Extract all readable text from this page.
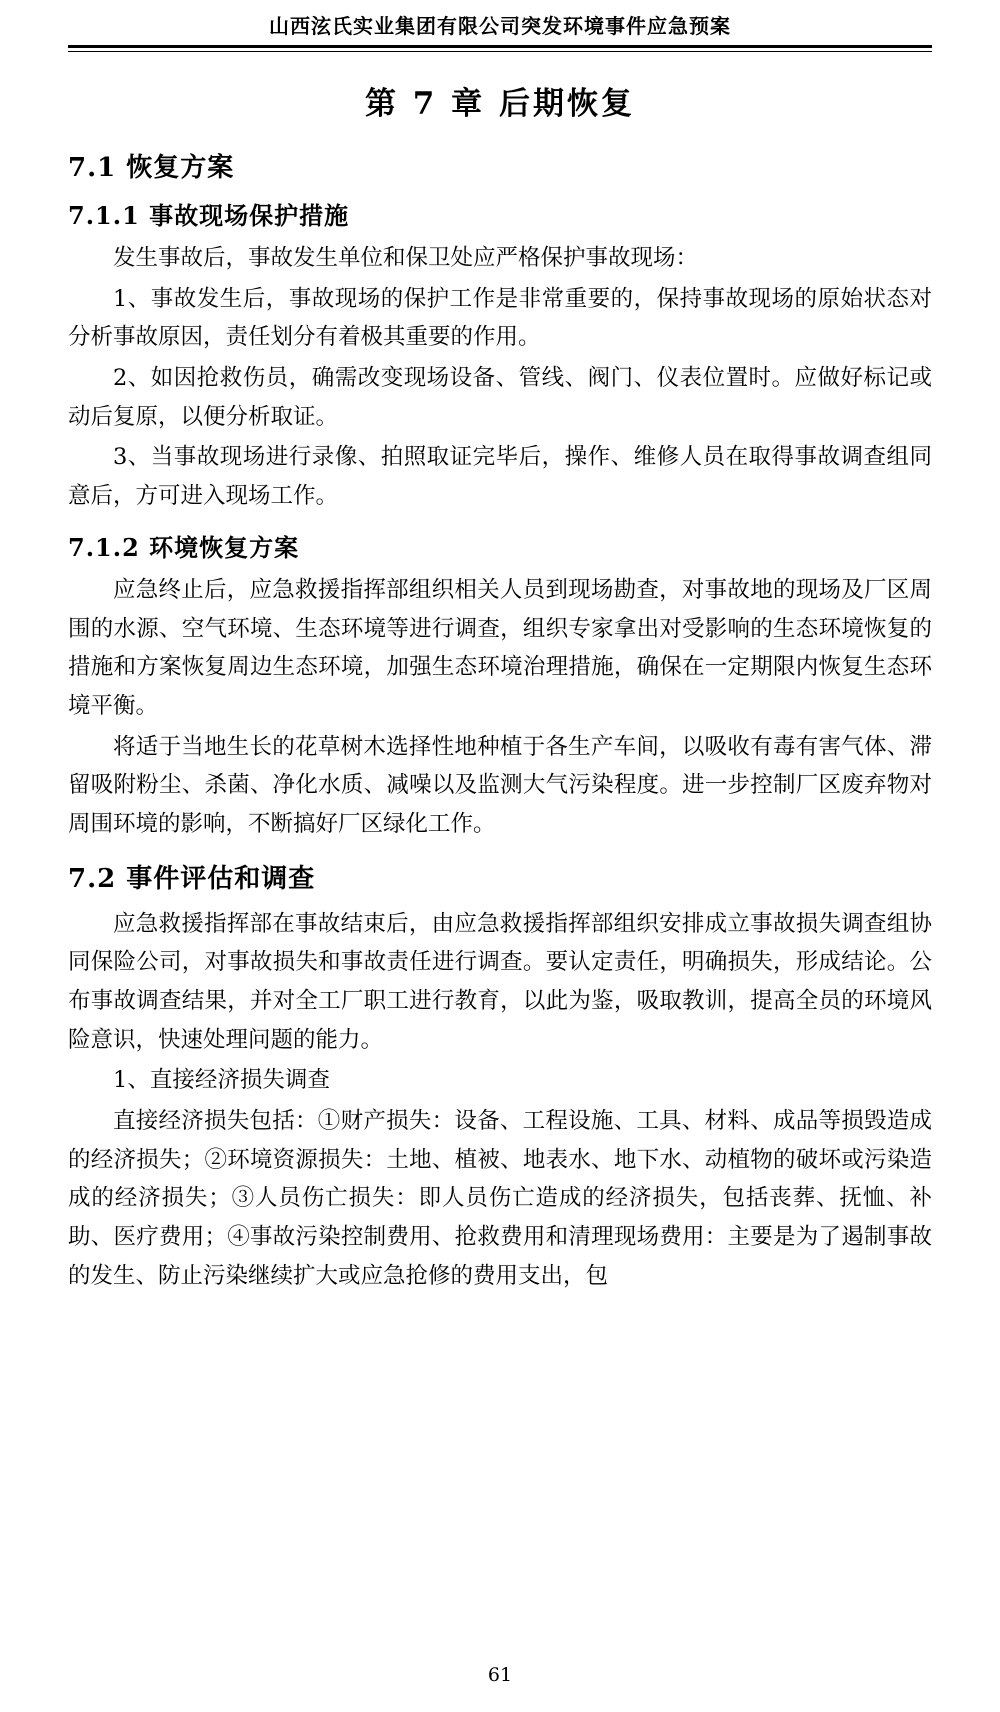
山西泫氏实业集团有限公司突发环境事件应急预案
第 7 章 后期恢复
7.1 恢复方案
7.1.1 事故现场保护措施

发生事故后，事故发生单位和保卫处应严格保护事故现场：

1、事故发生后，事故现场的保护工作是非常重要的，保持事故现场的原始状态对分析事故原因，责任划分有着极其重要的作用。

2、如因抢救伤员，确需改变现场设备、管线、阀门、仪表位置时。应做好标记或动后复原，以便分析取证。

3、当事故现场进行录像、拍照取证完毕后，操作、维修人员在取得事故调查组同意后，方可进入现场工作。

7.1.2 环境恢复方案

应急终止后，应急救援指挥部组织相关人员到现场勘查，对事故地的现场及厂区周围的水源、空气环境、生态环境等进行调查，组织专家拿出对受影响的生态环境恢复的措施和方案恢复周边生态环境，加强生态环境治理措施，确保在一定期限内恢复生态环境平衡。

将适于当地生长的花草树木选择性地种植于各生产车间，以吸收有毒有害气体、滞留吸附粉尘、杀菌、净化水质、减噪以及监测大气污染程度。进一步控制厂区废弃物对周围环境的影响，不断搞好厂区绿化工作。

7.2 事件评估和调查

应急救援指挥部在事故结束后，由应急救援指挥部组织安排成立事故损失调查组协同保险公司，对事故损失和事故责任进行调查。要认定责任，明确损失，形成结论。公布事故调查结果，并对全工厂职工进行教育，以此为鉴，吸取教训，提高全员的环境风险意识，快速处理问题的能力。

1、直接经济损失调查

直接经济损失包括：①财产损失：设备、工程设施、工具、材料、成品等损毁造成的经济损失；②环境资源损失：土地、植被、地表水、地下水、动植物的破坏或污染造成的经济损失；③人员伤亡损失：即人员伤亡造成的经济损失，包括丧葬、抚恤、补助、医疗费用；④事故污染控制费用、抢救费用和清理现场费用：主要是为了遏制事故的发生、防止污染继续扩大或应急抢修的费用支出，包

61
